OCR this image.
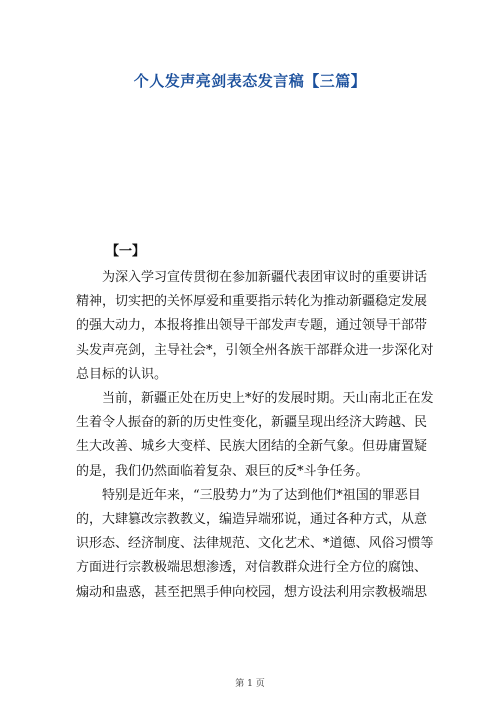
个人发声亮剑表态发言稿【三篇】
【一】
为深入学习宣传贯彻在参加新疆代表团审议时的重要讲话
精神，切实把的关怀厚爱和重要指示转化为推动新疆稳定发展
的强大动力，本报将推出领导干部发声专题，通过领导干部带
头发声亮剑，主导社会*，引领全州各族干部群众进一步深化对
总目标的认识。
当前，新疆正处在历史上*好的发展时期。天山南北正在发
生着令人振奋的新的历史性变化，新疆呈现出经济大跨越、民
生大改善、城乡大变样、民族大团结的全新气象。但毋庸置疑
的是，我们仍然面临着复杂、艰巨的反*斗争任务。
特别是近年来，“三股势力”为了达到他们*祖国的罪恶目
的，大肆篡改宗教教义，编造异端邪说，通过各种方式，从意
识形态、经济制度、法律规范、文化艺术、*道德、风俗习惯等
方面进行宗教极端思想渗透，对信教群众进行全方位的腐蚀、
煽动和蛊惑，甚至把黑手伸向校园，想方设法利用宗教极端思
第 1 页
